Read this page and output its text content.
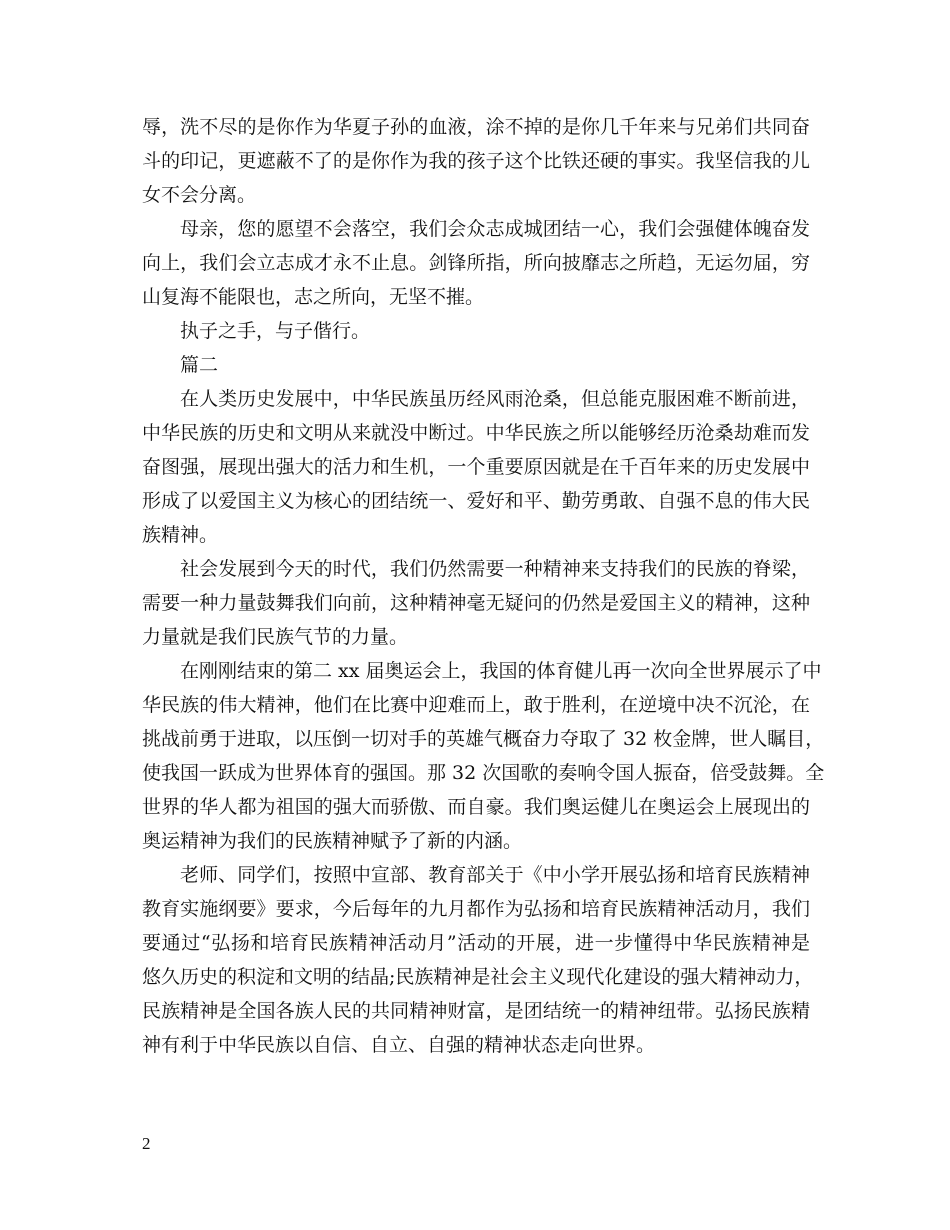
辱，洗不尽的是你作为华夏子孙的血液，涂不掉的是你几千年来与兄弟们共同奋
斗的印记，更遮蔽不了的是你作为我的孩子这个比铁还硬的事实。我坚信我的儿
女不会分离。
母亲，您的愿望不会落空，我们会众志成城团结一心，我们会强健体魄奋发
向上，我们会立志成才永不止息。剑锋所指，所向披靡志之所趋，无运勿届，穷
山复海不能限也，志之所向，无坚不摧。
执子之手，与子偕行。
篇二
在人类历史发展中，中华民族虽历经风雨沧桑，但总能克服困难不断前进，
中华民族的历史和文明从来就没中断过。中华民族之所以能够经历沧桑劫难而发
奋图强，展现出强大的活力和生机，一个重要原因就是在千百年来的历史发展中
形成了以爱国主义为核心的团结统一、爱好和平、勤劳勇敢、自强不息的伟大民
族精神。
社会发展到今天的时代，我们仍然需要一种精神来支持我们的民族的脊梁，
需要一种力量鼓舞我们向前，这种精神毫无疑问的仍然是爱国主义的精神，这种
力量就是我们民族气节的力量。
在刚刚结束的第二 xx 届奥运会上，我国的体育健儿再一次向全世界展示了中
华民族的伟大精神，他们在比赛中迎难而上，敢于胜利，在逆境中决不沉沦，在
挑战前勇于进取，以压倒一切对手的英雄气概奋力夺取了 32 枚金牌，世人瞩目，
使我国一跃成为世界体育的强国。那 32 次国歌的奏响令国人振奋，倍受鼓舞。全
世界的华人都为祖国的强大而骄傲、而自豪。我们奥运健儿在奥运会上展现出的
奥运精神为我们的民族精神赋予了新的内涵。
老师、同学们，按照中宣部、教育部关于《中小学开展弘扬和培育民族精神
教育实施纲要》要求，今后每年的九月都作为弘扬和培育民族精神活动月，我们
要通过“弘扬和培育民族精神活动月”活动的开展，进一步懂得中华民族精神是
悠久历史的积淀和文明的结晶;民族精神是社会主义现代化建设的强大精神动力，
民族精神是全国各族人民的共同精神财富，是团结统一的精神纽带。弘扬民族精
神有利于中华民族以自信、自立、自强的精神状态走向世界。
2
